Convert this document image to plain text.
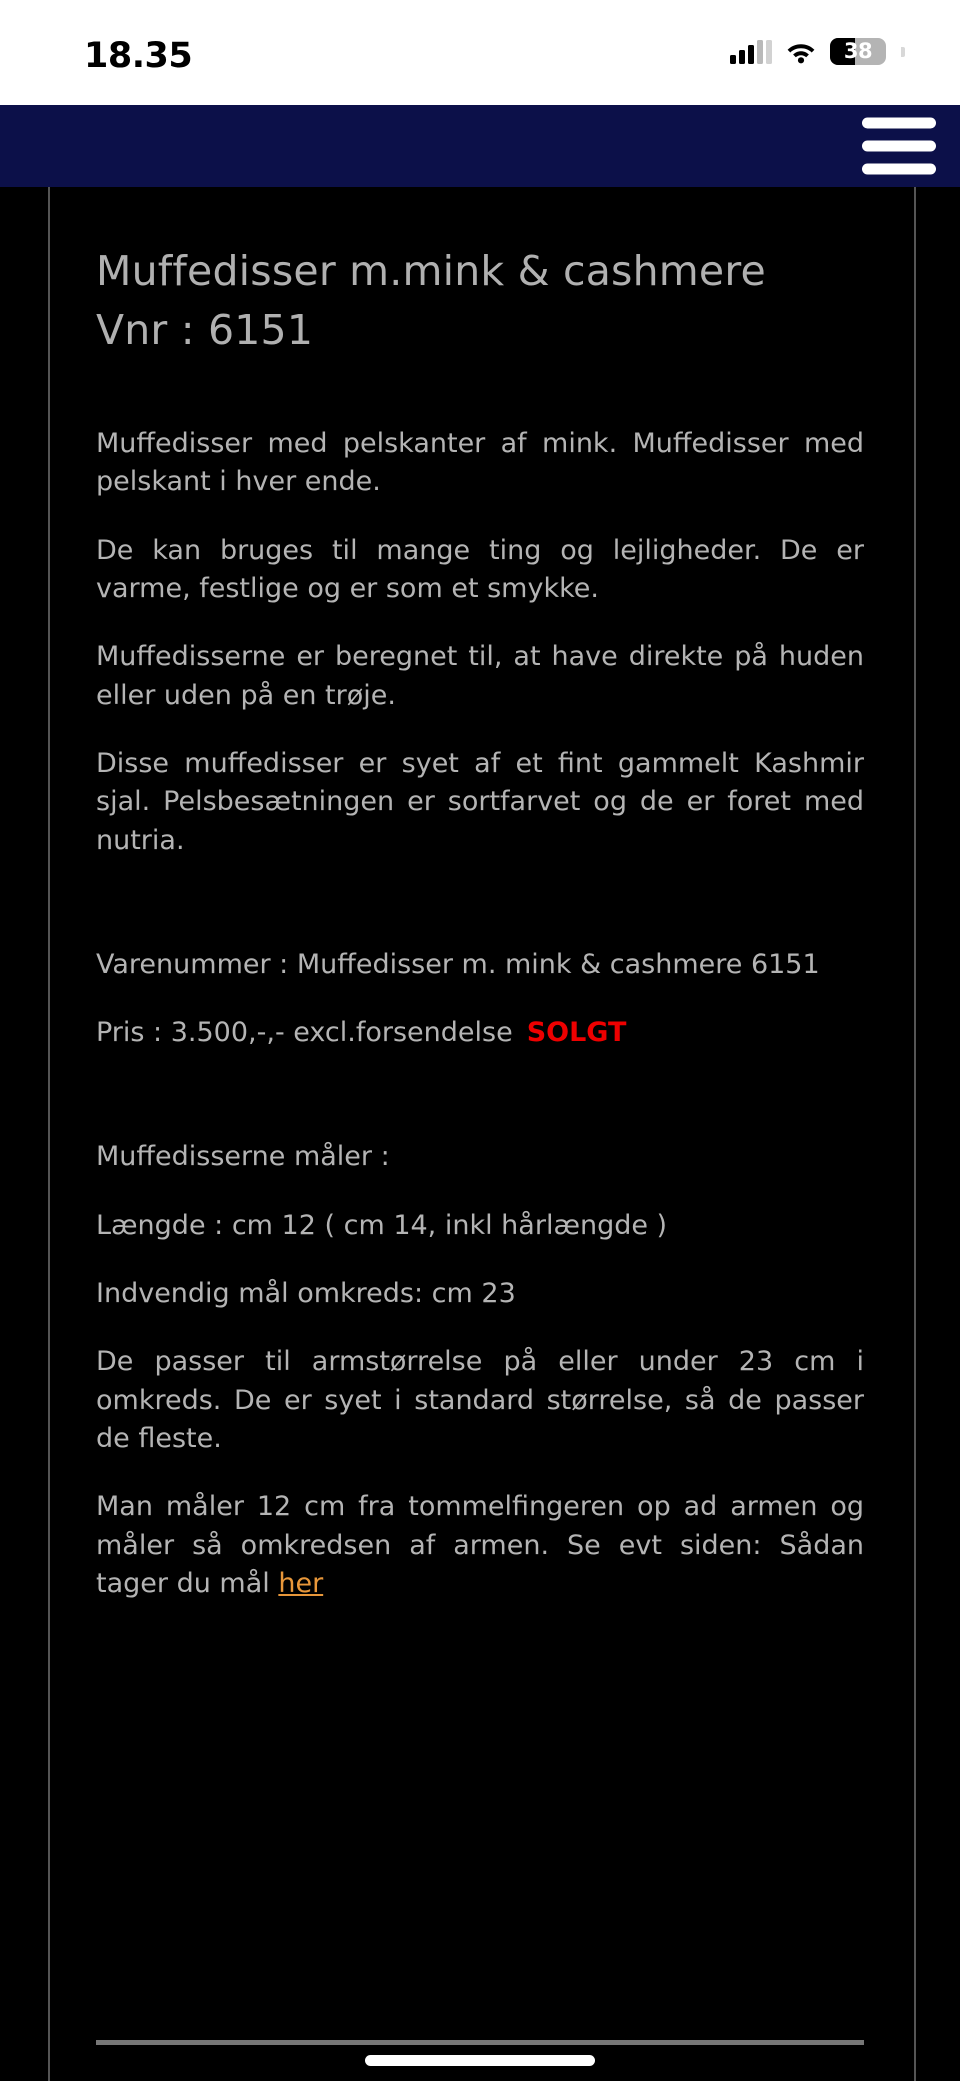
18.35	38
Muffedisser m.mink & cashmere
Vnr : 6151

Muffedisser med pelskanter af mink. Muffedisser med pelskant i hver ende.

De kan bruges til mange ting og lejligheder. De er varme, festlige og er som et smykke.

Muffedisserne er beregnet til, at have direkte på huden eller uden på en trøje.

Disse muffedisser er syet af et fint gammelt Kashmir sjal. Pelsbesætningen er sortfarvet og de er foret med nutria.

Varenummer : Muffedisser m. mink & cashmere 6151

Pris : 3.500,-,- excl.forsendelse SOLGT

Muffedisserne måler :

Længde : cm 12 ( cm 14, inkl hårlængde )

Indvendig mål omkreds: cm 23

De passer til armstørrelse på eller under 23 cm i omkreds. De er syet i standard størrelse, så de passer de fleste.

Man måler 12 cm fra tommelfingeren op ad armen og måler så omkredsen af armen. Se evt siden: Sådan tager du mål her
